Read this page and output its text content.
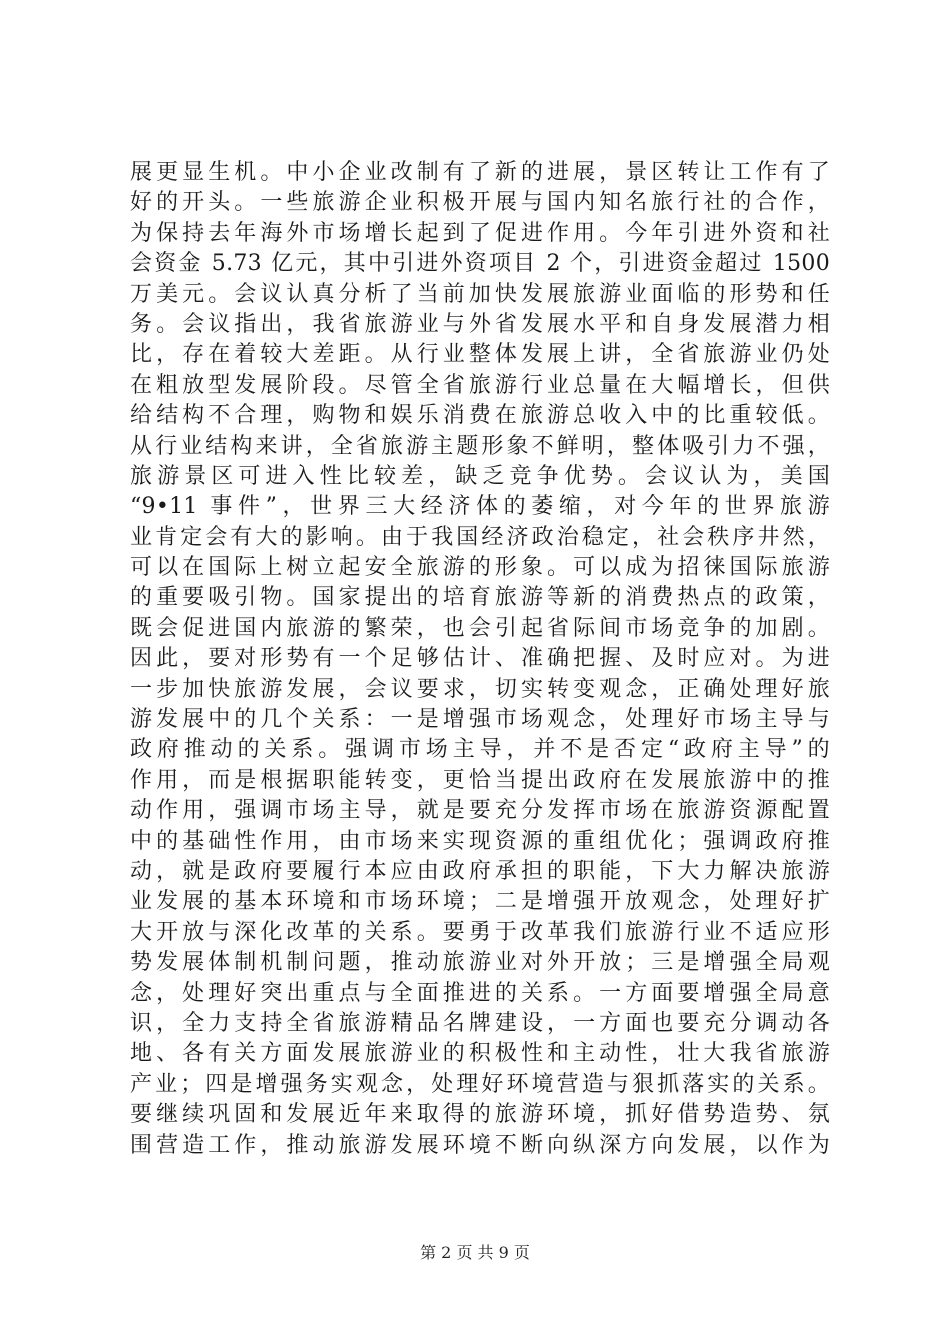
展更显生机。中小企业改制有了新的进展，景区转让工作有了
好的开头。一些旅游企业积极开展与国内知名旅行社的合作，
为保持去年海外市场增长起到了促进作用。今年引进外资和社
会资金 5.73 亿元，其中引进外资项目 2 个，引进资金超过 1500
万美元。会议认真分析了当前加快发展旅游业面临的形势和任
务。会议指出，我省旅游业与外省发展水平和自身发展潜力相
比，存在着较大差距。从行业整体发展上讲，全省旅游业仍处
在粗放型发展阶段。尽管全省旅游行业总量在大幅增长，但供
给结构不合理，购物和娱乐消费在旅游总收入中的比重较低。
从行业结构来讲，全省旅游主题形象不鲜明，整体吸引力不强，
旅游景区可进入性比较差，缺乏竞争优势。会议认为，美国
“9•11 事件”，世界三大经济体的萎缩，对今年的世界旅游
业肯定会有大的影响。由于我国经济政治稳定，社会秩序井然，
可以在国际上树立起安全旅游的形象。可以成为招徕国际旅游
的重要吸引物。国家提出的培育旅游等新的消费热点的政策，
既会促进国内旅游的繁荣，也会引起省际间市场竞争的加剧。
因此，要对形势有一个足够估计、准确把握、及时应对。为进
一步加快旅游发展，会议要求，切实转变观念，正确处理好旅
游发展中的几个关系：一是增强市场观念，处理好市场主导与
政府推动的关系。强调市场主导，并不是否定“政府主导”的
作用，而是根据职能转变，更恰当提出政府在发展旅游中的推
动作用，强调市场主导，就是要充分发挥市场在旅游资源配置
中的基础性作用，由市场来实现资源的重组优化；强调政府推
动，就是政府要履行本应由政府承担的职能，下大力解决旅游
业发展的基本环境和市场环境；二是增强开放观念，处理好扩
大开放与深化改革的关系。要勇于改革我们旅游行业不适应形
势发展体制机制问题，推动旅游业对外开放；三是增强全局观
念，处理好突出重点与全面推进的关系。一方面要增强全局意
识，全力支持全省旅游精品名牌建设，一方面也要充分调动各
地、各有关方面发展旅游业的积极性和主动性，壮大我省旅游
产业；四是增强务实观念，处理好环境营造与狠抓落实的关系。
要继续巩固和发展近年来取得的旅游环境，抓好借势造势、氛
围营造工作，推动旅游发展环境不断向纵深方向发展，以作为
第 2 页 共 9 页
